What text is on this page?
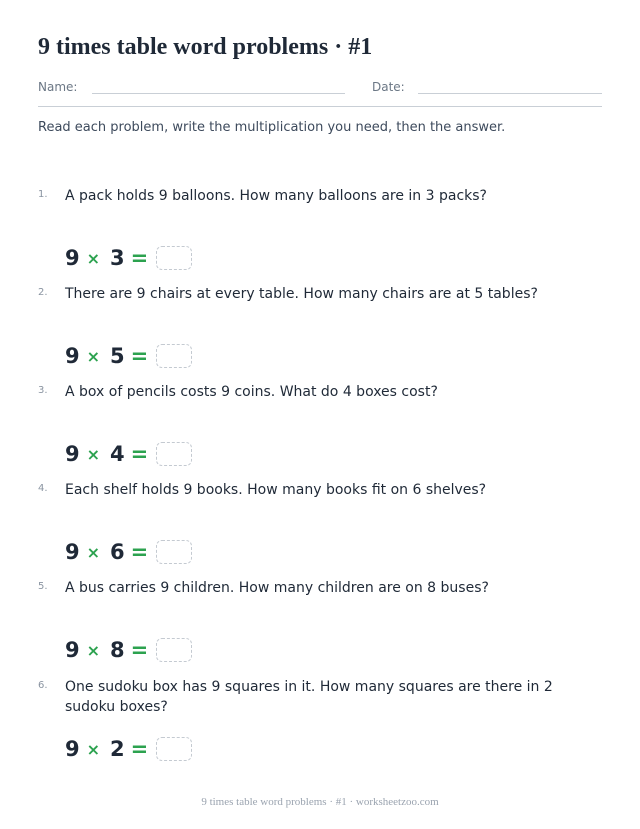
9 times table word problems · #1
Name:	Date:
Read each problem, write the multiplication you need, then the answer.
1. A pack holds 9 balloons. How many balloons are in 3 packs?
9 × 3 =
2. There are 9 chairs at every table. How many chairs are at 5 tables?
9 × 5 =
3. A box of pencils costs 9 coins. What do 4 boxes cost?
9 × 4 =
4. Each shelf holds 9 books. How many books fit on 6 shelves?
9 × 6 =
5. A bus carries 9 children. How many children are on 8 buses?
9 × 8 =
6. One sudoku box has 9 squares in it. How many squares are there in 2 sudoku boxes?
9 × 2 =
9 times table word problems · #1 · worksheetzoo.com
